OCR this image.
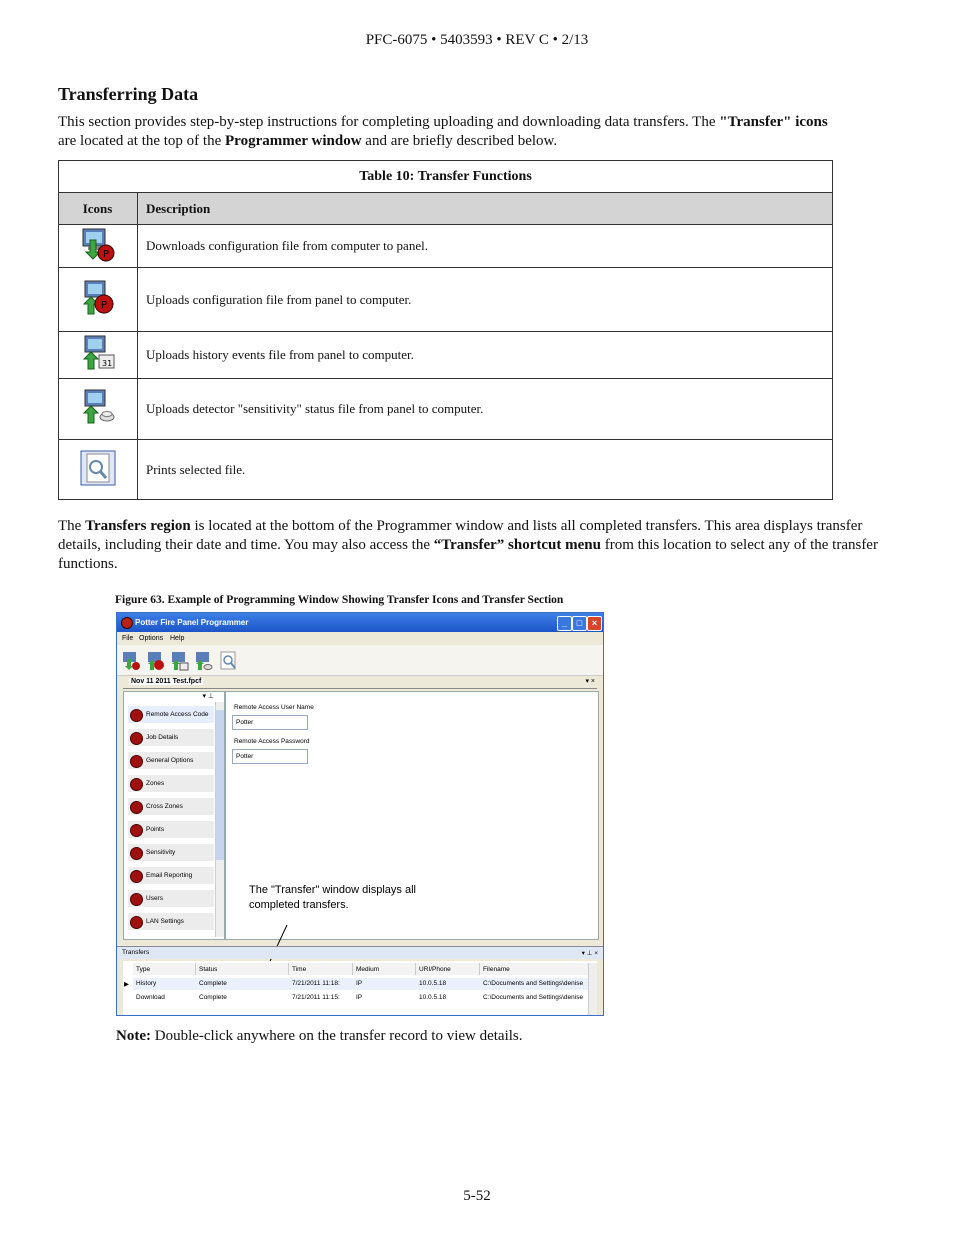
PFC-6075 • 5403593 • REV C • 2/13
Transferring Data
This section provides step-by-step instructions for completing uploading and downloading data transfers. The "Transfer" icons
are located at the top of the Programmer window and are briefly described below.
Table 10: Transfer Functions	
Icons	Description

P	Downloads configuration file from computer to panel.

P	Uploads configuration file from panel to computer.

31	Uploads history events file from panel to computer.
	Uploads detector "sensitivity" status file from panel to computer.
	Prints selected file.
The Transfers region is located at the bottom of the Programmer window and lists all completed transfers. This area displays transfer details, including their date and time. You may also access the “Transfer” shortcut menu from this location to select any of the transfer functions.
Figure 63. Example of Programming Window Showing Transfer Icons and Transfer Section
Potter Fire Panel Programmer	_	□	×
File Options Help
Nov 11 2011 Test.fpcf	▾ ×
▾ ⊥
Remote Access Code
Job Details
General Options
Zones
Cross Zones
Points
Sensitivity
Email Reporting
Users
LAN Settings
Remote Access User Name
Potter
Remote Access Password
Potter
The "Transfer" window displays all completed transfers.
Transfers	▾ ⊥ ×
Type	Status	Time	Medium	URI/Phone	Filename
▶ History	Complete	7/21/2011 11:18: IP	10.0.5.18	C:\Documents and Settings\denise
Download	Complete	7/21/2011 11:15: IP	10.0.5.18	C:\Documents and Settings\denise
Note: Double-click anywhere on the transfer record to view details.
5-52
